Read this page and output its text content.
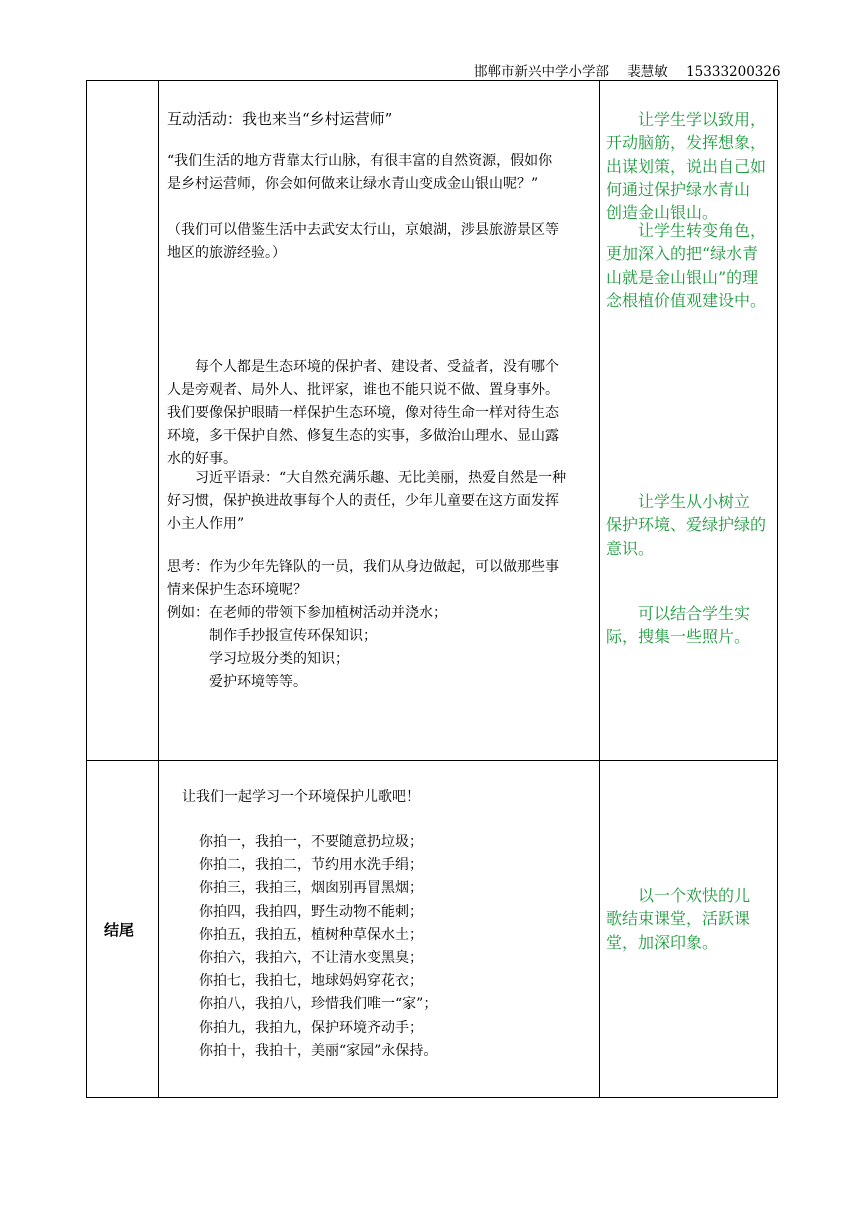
邯郸市新兴中学小学部 裴慧敏 15333200326
互动活动：我也来当“乡村运营师”

“我们生活的地方背靠太行山脉，有很丰富的自然资源，假如你

是乡村运营师，你会如何做来让绿水青山变成金山银山呢？”

（我们可以借鉴生活中去武安太行山，京娘湖，涉县旅游景区等

地区的旅游经验。）

　　每个人都是生态环境的保护者、建设者、受益者，没有哪个

人是旁观者、局外人、批评家，谁也不能只说不做、置身事外。

我们要像保护眼睛一样保护生态环境，像对待生命一样对待生态

环境，多干保护自然、修复生态的实事，多做治山理水、显山露

水的好事。

　　习近平语录：“大自然充满乐趣、无比美丽，热爱自然是一种

好习惯，保护换进故事每个人的责任，少年儿童要在这方面发挥

小主人作用”

思考：作为少年先锋队的一员，我们从身边做起，可以做那些事

情来保护生态环境呢？

例如：在老师的带领下参加植树活动并浇水；

　　　制作手抄报宣传环保知识；

　　　学习垃圾分类的知识；

　　　爱护环境等等。

　　让学生学以致用，

开动脑筋，发挥想象，

出谋划策，说出自己如

何通过保护绿水青山

创造金山银山。

　　让学生转变角色，

更加深入的把“绿水青

山就是金山银山”的理

念根植价值观建设中。

　　让学生从小树立

保护环境、爱绿护绿的

意识。

　　可以结合学生实

际，搜集一些照片。

结尾
让我们一起学习一个环境保护儿歌吧！

你拍一，我拍一，不要随意扔垃圾；

你拍二，我拍二，节约用水洗手绢；

你拍三，我拍三，烟囱别再冒黑烟；

你拍四，我拍四，野生动物不能刺；

你拍五，我拍五，植树种草保水土；

你拍六，我拍六，不让清水变黑臭；

你拍七，我拍七，地球妈妈穿花衣；

你拍八，我拍八，珍惜我们唯一“家”；

你拍九，我拍九，保护环境齐动手；

你拍十，我拍十，美丽“家园”永保持。

　　以一个欢快的儿

歌结束课堂，活跃课

堂，加深印象。
